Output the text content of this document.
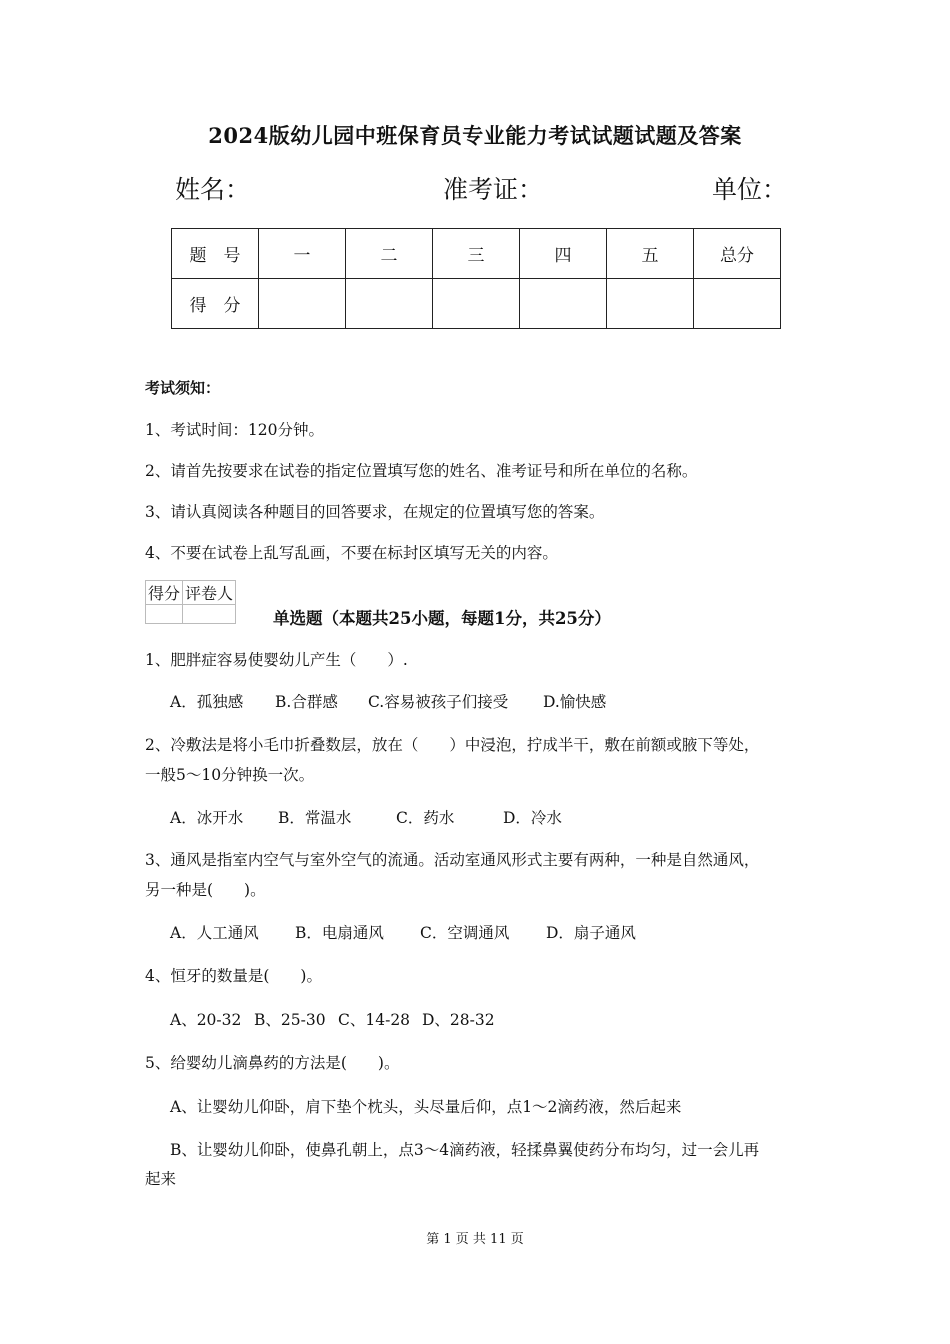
2024版幼儿园中班保育员专业能力考试试题试题及答案
姓名：	准考证：	单位：
题　号	一	二	三	四	五	总分
得　分						
考试须知：
1、考试时间：120分钟。
2、请首先按要求在试卷的指定位置填写您的姓名、准考证号和所在单位的名称。
3、请认真阅读各种题目的回答要求，在规定的位置填写您的答案。
4、不要在试卷上乱写乱画，不要在标封区填写无关的内容。
得分	评卷人

单选题（本题共25小题，每题1分，共25分）
1、肥胖症容易使婴幼儿产生（　　）.
A．孤独感 B.合群感 C.容易被孩子们接受 D.愉快感
2、冷敷法是将小毛巾折叠数层，放在（　　）中浸泡，拧成半干，敷在前额或腋下等处，
一般5～10分钟换一次。
A．冰开水 B．常温水	C．药水	D．冷水
3、通风是指室内空气与室外空气的流通。活动室通风形式主要有两种，一种是自然通风，
另一种是(　　)。
A．人工通风 B．电扇通风 C．空调通风 D．扇子通风
4、恒牙的数量是(　　)。
A、20-32 B、25-30 C、14-28 D、28-32
5、给婴幼儿滴鼻药的方法是(　　)。
A、让婴幼儿仰卧，肩下垫个枕头，头尽量后仰，点1～2滴药液，然后起来
B、让婴幼儿仰卧，使鼻孔朝上，点3～4滴药液，轻揉鼻翼使药分布均匀，过一会儿再
起来
第 1 页 共 11 页
